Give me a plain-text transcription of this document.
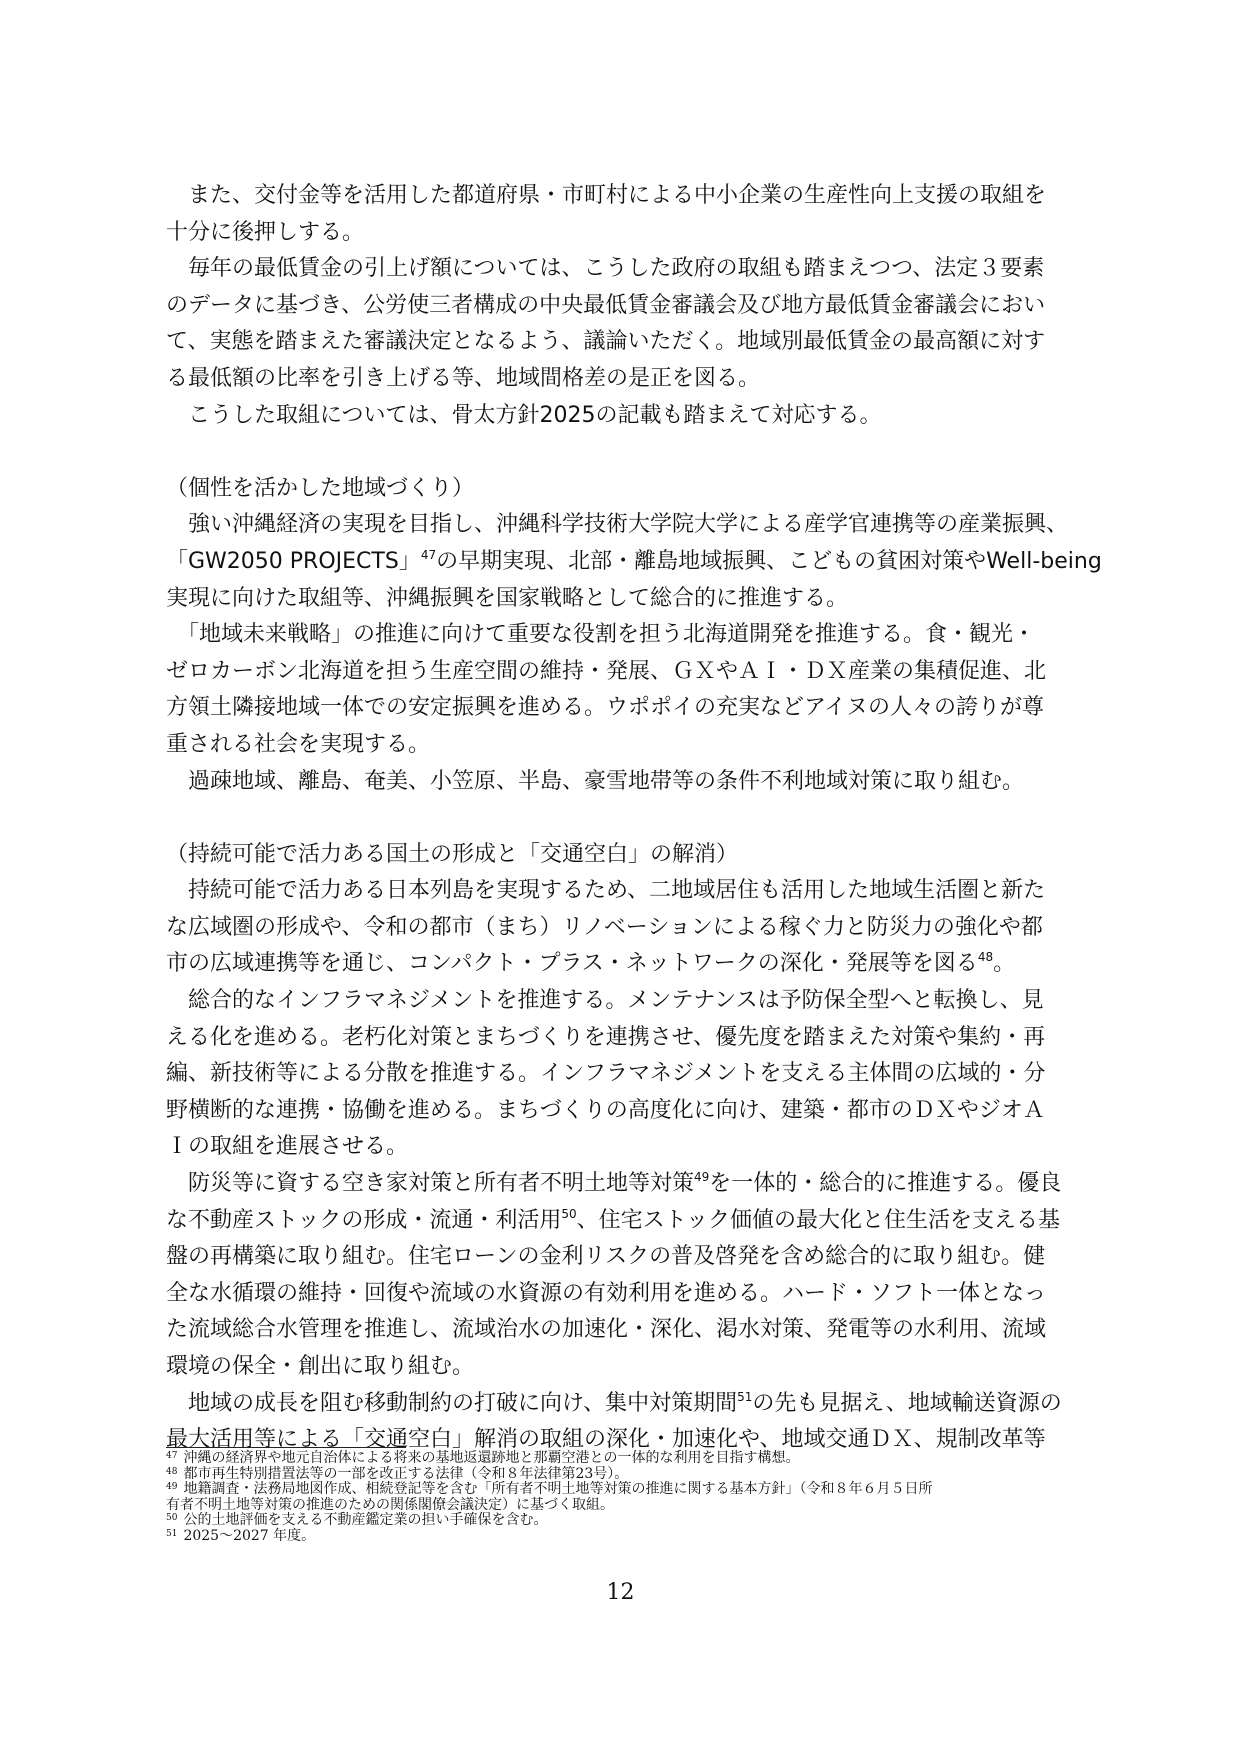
　また、交付金等を活用した都道府県・市町村による中小企業の生産性向上支援の取組を
十分に後押しする。
　毎年の最低賃金の引上げ額については、こうした政府の取組も踏まえつつ、法定３要素
のデータに基づき、公労使三者構成の中央最低賃金審議会及び地方最低賃金審議会におい
て、実態を踏まえた審議決定となるよう、議論いただく。地域別最低賃金の最高額に対す
る最低額の比率を引き上げる等、地域間格差の是正を図る。
　こうした取組については、骨太方針2025の記載も踏まえて対応する。
（個性を活かした地域づくり）
　強い沖縄経済の実現を目指し、沖縄科学技術大学院大学による産学官連携等の産業振興、
「GW2050 PROJECTS」$^{47}$の早期実現、北部・離島地域振興、こどもの貧困対策やWell-being
実現に向けた取組等、沖縄振興を国家戦略として総合的に推進する。
　「地域未来戦略」の推進に向けて重要な役割を担う北海道開発を推進する。食・観光・
ゼロカーボン北海道を担う生産空間の維持・発展、ＧＸやＡＩ・ＤＸ産業の集積促進、北
方領土隣接地域一体での安定振興を進める。ウポポイの充実などアイヌの人々の誇りが尊
重される社会を実現する。
　過疎地域、離島、奄美、小笠原、半島、豪雪地帯等の条件不利地域対策に取り組む。
（持続可能で活力ある国土の形成と「交通空白」の解消）
　持続可能で活力ある日本列島を実現するため、二地域居住も活用した地域生活圏と新た
な広域圏の形成や、令和の都市（まち）リノベーションによる稼ぐ力と防災力の強化や都
市の広域連携等を通じ、コンパクト・プラス・ネットワークの深化・発展等を図る$^{48}$。
　総合的なインフラマネジメントを推進する。メンテナンスは予防保全型へと転換し、見
える化を進める。老朽化対策とまちづくりを連携させ、優先度を踏まえた対策や集約・再
編、新技術等による分散を推進する。インフラマネジメントを支える主体間の広域的・分
野横断的な連携・協働を進める。まちづくりの高度化に向け、建築・都市のＤＸやジオＡ
Ｉの取組を進展させる。
　防災等に資する空き家対策と所有者不明土地等対策$^{49}$を一体的・総合的に推進する。優良
な不動産ストックの形成・流通・利活用$^{50}$、住宅ストック価値の最大化と住生活を支える基
盤の再構築に取り組む。住宅ローンの金利リスクの普及啓発を含め総合的に取り組む。健
全な水循環の維持・回復や流域の水資源の有効利用を進める。ハード・ソフト一体となっ
た流域総合水管理を推進し、流域治水の加速化・深化、渇水対策、発電等の水利用、流域
環境の保全・創出に取り組む。
　地域の成長を阻む移動制約の打破に向け、集中対策期間$^{51}$の先も見据え、地域輸送資源の
最大活用等による「交通空白」解消の取組の深化・加速化や、地域交通ＤＸ、規制改革等
$^{47}$ 沖縄の経済界や地元自治体による将来の基地返還跡地と那覇空港との一体的な利用を目指す構想。
$^{48}$ 都市再生特別措置法等の一部を改正する法律（令和８年法律第23号）。
$^{49}$ 地籍調査・法務局地図作成、相続登記等を含む「所有者不明土地等対策の推進に関する基本方針」（令和８年６月５日所
有者不明土地等対策の推進のための関係閣僚会議決定）に基づく取組。
$^{50}$ 公的土地評価を支える不動産鑑定業の担い手確保を含む。
$^{51}$ 2025～2027 年度。
12
